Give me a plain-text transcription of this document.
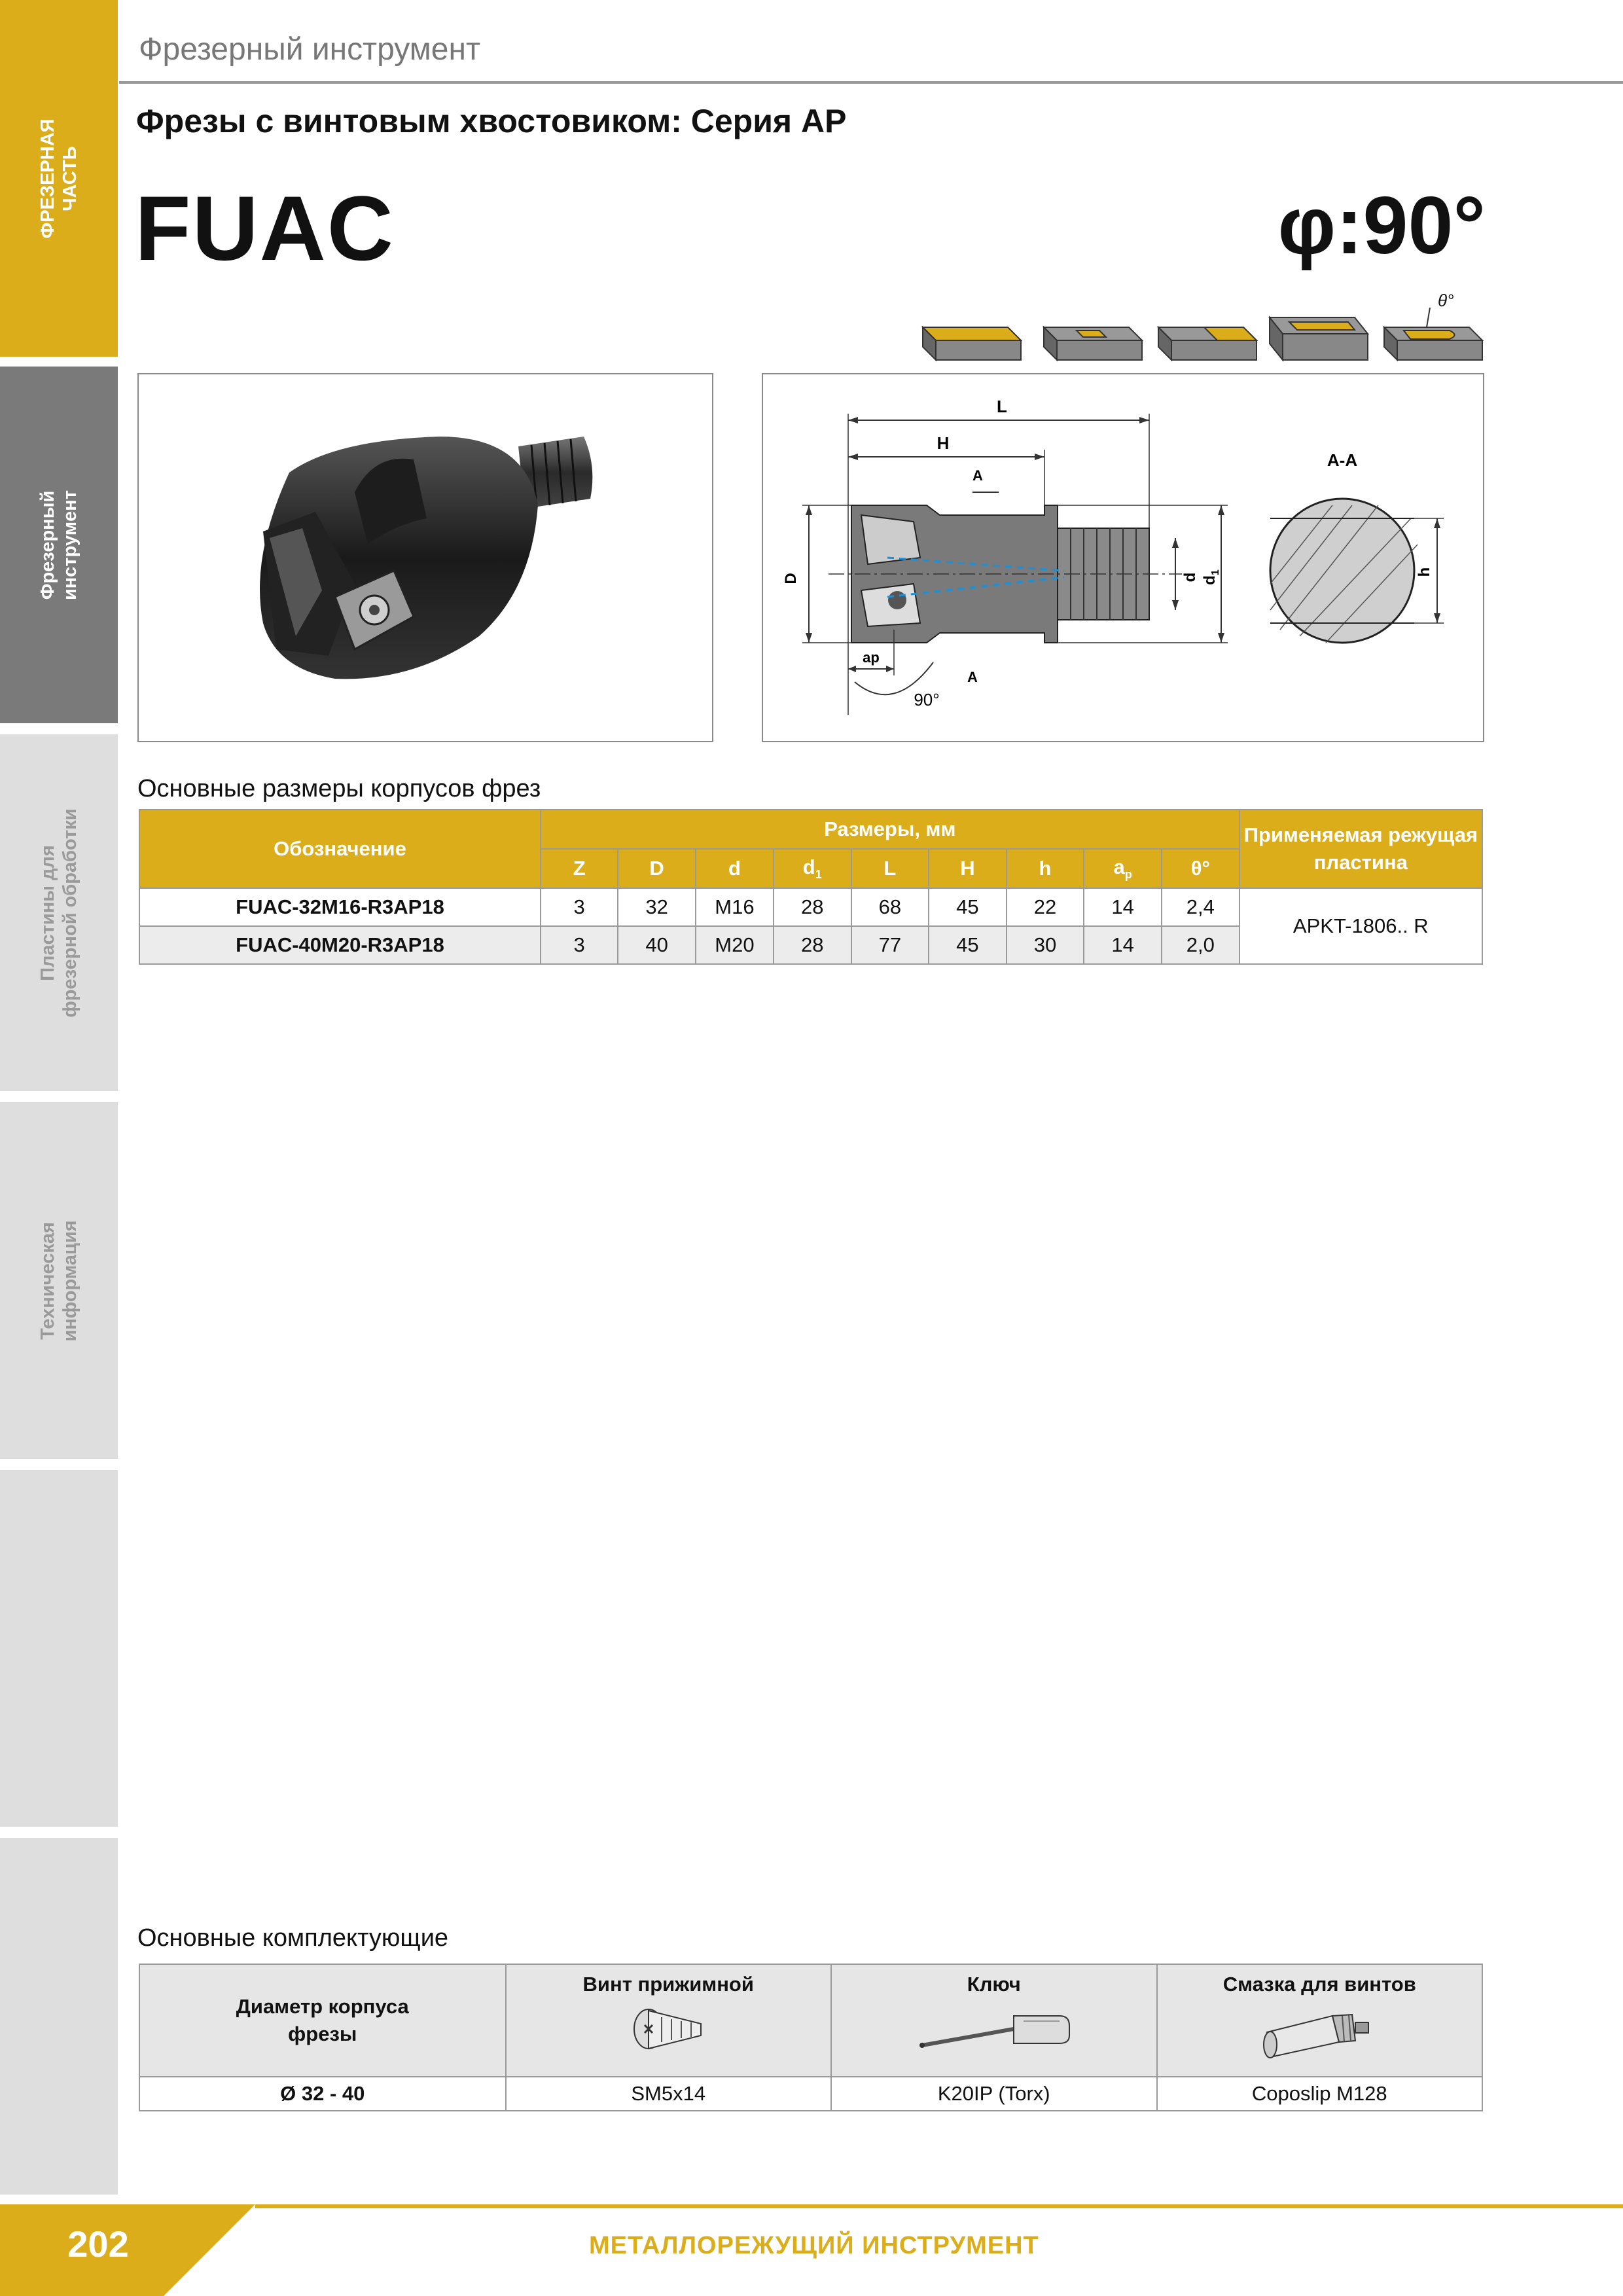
ФРЕЗЕРНАЯ ЧАСТЬ
Фрезерный инструмент
Пластины для фрезерной обработки
Техническая информация
Фрезерный инструмент
Фрезы с винтовым хвостовиком: Серия AP
FUAC	φ:90°
θ°
L
H
A
A
D	d $d_1$
ap
90°
A-A
h
Основные размеры корпусов фрез
Обозначение	Размеры, мм									Применяемая режущая пластина
	Z	D	d	$d_1$	L	H	h	$a_p$	θ°	
FUAC-32M16-R3AP18	3	32	M16	28	68	45	22	14	2,4	APKT-1806.. R
FUAC-40M20-R3AP18	3	40	M20	28	77	45	30	14	2,0	
Основные комплектующие
Диаметр корпуса фрезы	Винт прижимной	Ключ	Смазка для винтов

Ø 32 - 40	SM5x14	K20IP (Torx)	Coposlip M128
202	МЕТАЛЛОРЕЖУЩИЙ ИНСТРУМЕНТ
